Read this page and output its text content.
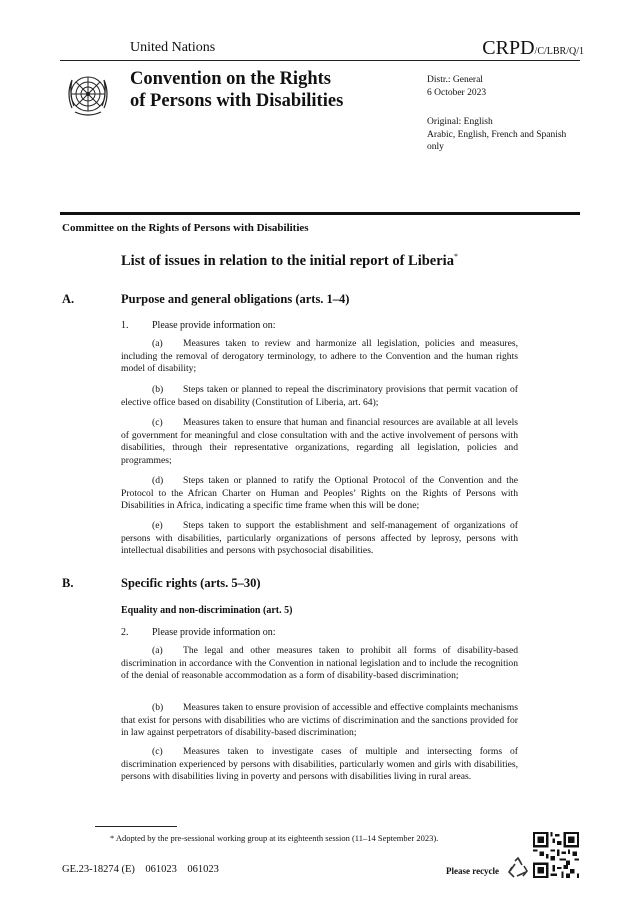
United Nations	CRPD/C/LBR/Q/1
Convention on the Rights
of Persons with Disabilities
Distr.: General
6 October 2023
Original: English
Arabic, English, French and Spanish only
Committee on the Rights of Persons with Disabilities
List of issues in relation to the initial report of Liberia*
A.	Purpose and general obligations (arts. 1–4)
1. Please provide information on:
(a) Measures taken to review and harmonize all legislation, policies and measures, including the removal of derogatory terminology, to adhere to the Convention and the human rights model of disability;
(b) Steps taken or planned to repeal the discriminatory provisions that permit vacation of elective office based on disability (Constitution of Liberia, art. 64);
(c) Measures taken to ensure that human and financial resources are available at all levels of government for meaningful and close consultation with and the active involvement of persons with disabilities, through their representative organizations, regarding all legislation, policies and programmes;
(d) Steps taken or planned to ratify the Optional Protocol of the Convention and the Protocol to the African Charter on Human and Peoples’ Rights on the Rights of Persons with Disabilities in Africa, indicating a specific time frame when this will be done;
(e) Steps taken to support the establishment and self-management of organizations of persons with disabilities, particularly organizations of persons affected by leprosy, persons with intellectual disabilities and persons with psychosocial disabilities.
B.	Specific rights (arts. 5–30)
Equality and non-discrimination (art. 5)
2. Please provide information on:
(a) The legal and other measures taken to prohibit all forms of disability-based discrimination in accordance with the Convention in national legislation and to include the recognition of the denial of reasonable accommodation as a form of disability-based discrimination;
(b) Measures taken to ensure provision of accessible and effective complaints mechanisms that exist for persons with disabilities who are victims of discrimination and the sanctions provided for in law against perpetrators of disability-based discrimination;
(c) Measures taken to investigate cases of multiple and intersecting forms of discrimination experienced by persons with disabilities, particularly women and girls with disabilities, persons with disabilities living in poverty and persons with disabilities living in rural areas.
* Adopted by the pre-sessional working group at its eighteenth session (11–14 September 2023).
GE.23-18274 (E)    061023    061023	Please recycle
